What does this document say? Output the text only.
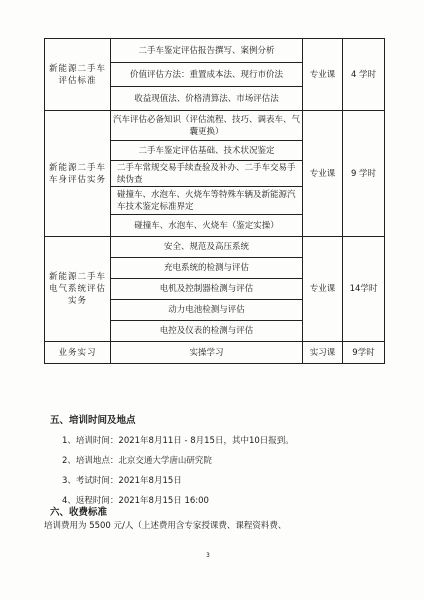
新能源二手车评估标准	二手车鉴定评估报告撰写、案例分析	专业课	4 学时
	价值评估方法：重置成本法、现行市价法		
	收益现值法、价格清算法、市场评估法		
新能源二手车车身评估实务	汽车评估必备知识（评估流程、技巧、调表车、气囊更换）	专业课	9 学时
	二手车鉴定评估基础、技术状况鉴定		
	二手车常规交易手续查验及补办、二手车交易手续伪查		
	碰撞车、水泡车、火烧车等特殊车辆及新能源汽车技术鉴定标准界定		
	碰撞车、水泡车、火烧车（鉴定实操）		
新能源二手车电气系统评估实务	安全、规范及高压系统	专业课	14学时
	充电系统的检测与评估		
	电机及控制器检测与评估		
	动力电池检测与评估		
	电控及仪表的检测与评估		
业务实习	实操学习	实习课	9学时
五、培训时间及地点
1、培训时间：2021年8月11日 - 8月15日，其中10日报到。
2、培训地点：北京交通大学唐山研究院
3、考试时间：2021年8月15日
4、返程时间：2021年8月15日 16:00
六、收费标准
培训费用为 5500 元/人（上述费用含专家授课费、课程资料费、
3
